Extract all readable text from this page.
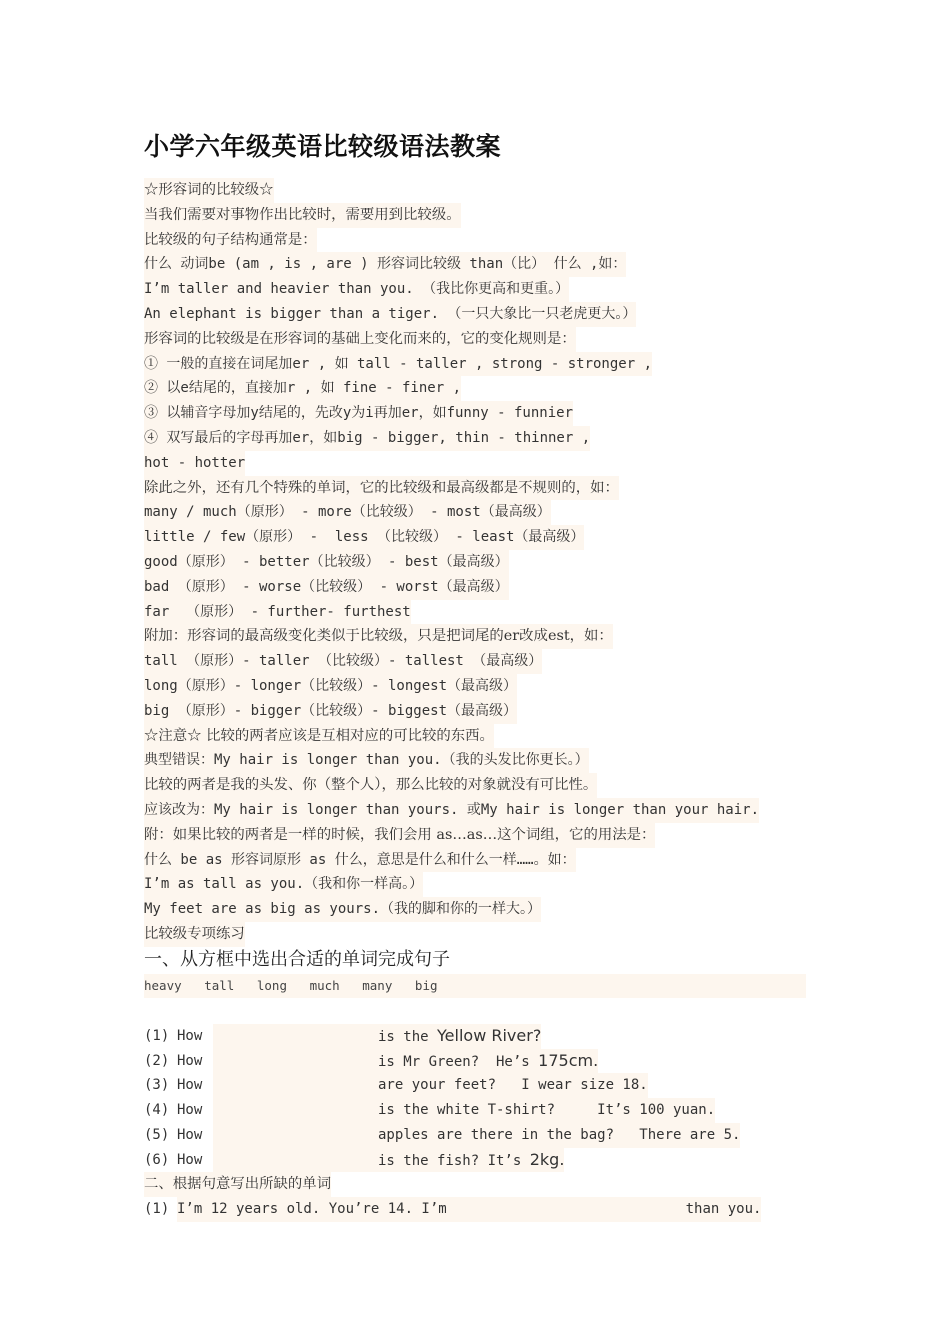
小学六年级英语比较级语法教案
☆形容词的比较级☆
当我们需要对事物作出比较时，需要用到比较级。
比较级的句子结构通常是：
什么 动词be (am , is , are ) 形容词比较级 than（比） 什么 ,如：
I’m taller and heavier than you. （我比你更高和更重。）
An elephant is bigger than a tiger. （一只大象比一只老虎更大。）
形容词的比较级是在形容词的基础上变化而来的，它的变化规则是：
① 一般的直接在词尾加er , 如 tall - taller , strong - stronger ,
② 以e结尾的，直接加r , 如 fine - finer ,
③ 以辅音字母加y结尾的，先改y为i再加er，如funny - funnier
④ 双写最后的字母再加er，如big - bigger, thin - thinner ,
hot - hotter
除此之外，还有几个特殊的单词，它的比较级和最高级都是不规则的，如：
many / much（原形） - more（比较级） - most（最高级）
little / few（原形） -  less （比较级） - least（最高级）
good（原形） - better（比较级） - best（最高级）
bad （原形） - worse（比较级） - worst（最高级）
far  （原形） - further- furthest
附加：形容词的最高级变化类似于比较级，只是把词尾的er改成est，如：
tall （原形）- taller （比较级）- tallest （最高级）
long（原形）- longer（比较级）- longest（最高级）
big （原形）- bigger（比较级）- biggest（最高级）
☆注意☆ 比较的两者应该是互相对应的可比较的东西。
典型错误：My hair is longer than you.（我的头发比你更长。）
比较的两者是我的头发、你（整个人），那么比较的对象就没有可比性。
应该改为：My hair is longer than yours. 或My hair is longer than your hair.
附：如果比较的两者是一样的时候，我们会用 as…as…这个词组，它的用法是：
什么 be as 形容词原形 as 什么，意思是什么和什么一样……。如：
I’m as tall as you.（我和你一样高。）
My feet are as big as yours.（我的脚和你的一样大。）
比较级专项练习
一、从方框中选出合适的单词完成句子
heavy   tall   long   much   many   big
(1) How	is the Yellow River?
(2) How	is Mr Green?  He’s 175cm.
(3) How	are your feet?   I wear size 18.
(4) How	is the white T-shirt?     It’s 100 yuan.
(5) How	apples are there in the bag?   There are 5.
(6) How	is the fish? It’s 2kg.
二、根据句意写出所缺的单词
(1) I’m 12 years old. You’re 14. I’m	than you.
